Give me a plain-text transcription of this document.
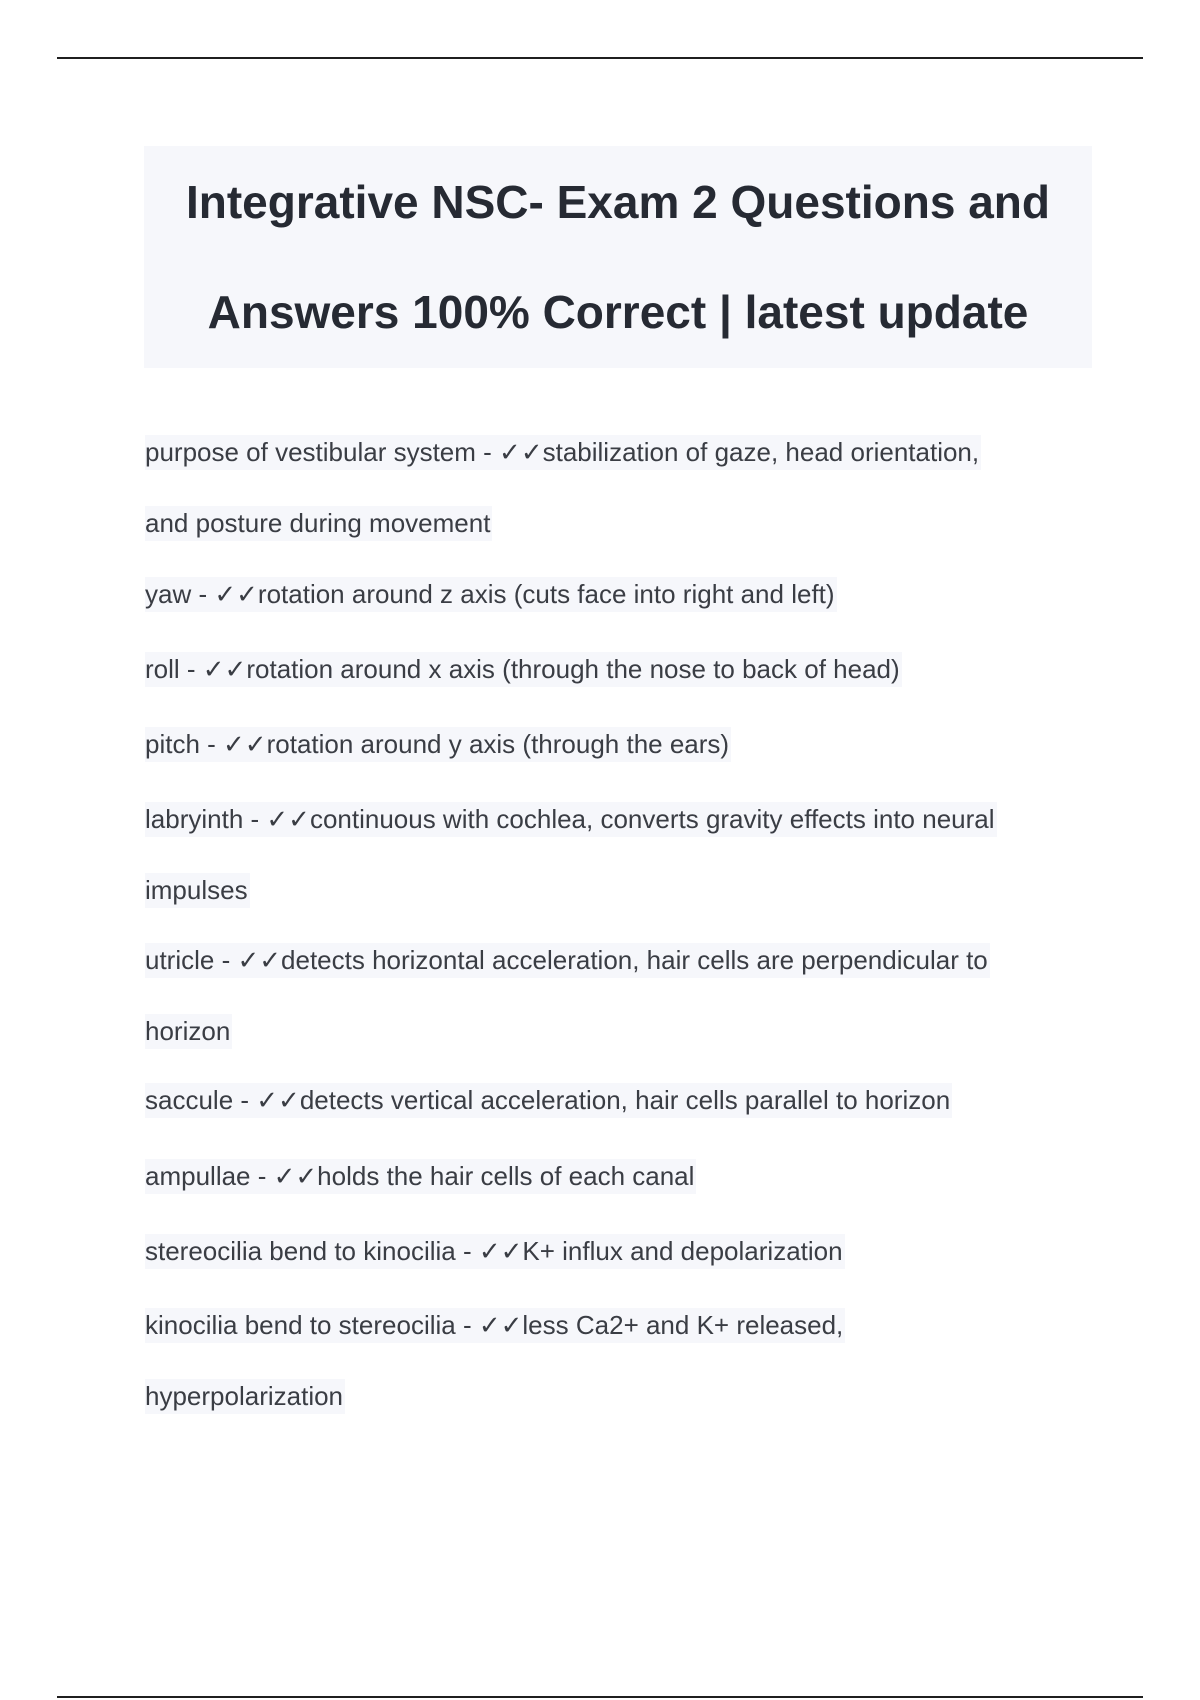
Integrative NSC- Exam 2 Questions and
Answers 100% Correct | latest update
purpose of vestibular system - ✓✓stabilization of gaze, head orientation,
and posture during movement
yaw - ✓✓rotation around z axis (cuts face into right and left)
roll - ✓✓rotation around x axis (through the nose to back of head)
pitch - ✓✓rotation around y axis (through the ears)
labryinth - ✓✓continuous with cochlea, converts gravity effects into neural
impulses
utricle - ✓✓detects horizontal acceleration, hair cells are perpendicular to
horizon
saccule - ✓✓detects vertical acceleration, hair cells parallel to horizon
ampullae - ✓✓holds the hair cells of each canal
stereocilia bend to kinocilia - ✓✓K+ influx and depolarization
kinocilia bend to stereocilia - ✓✓less Ca2+ and K+ released,
hyperpolarization
